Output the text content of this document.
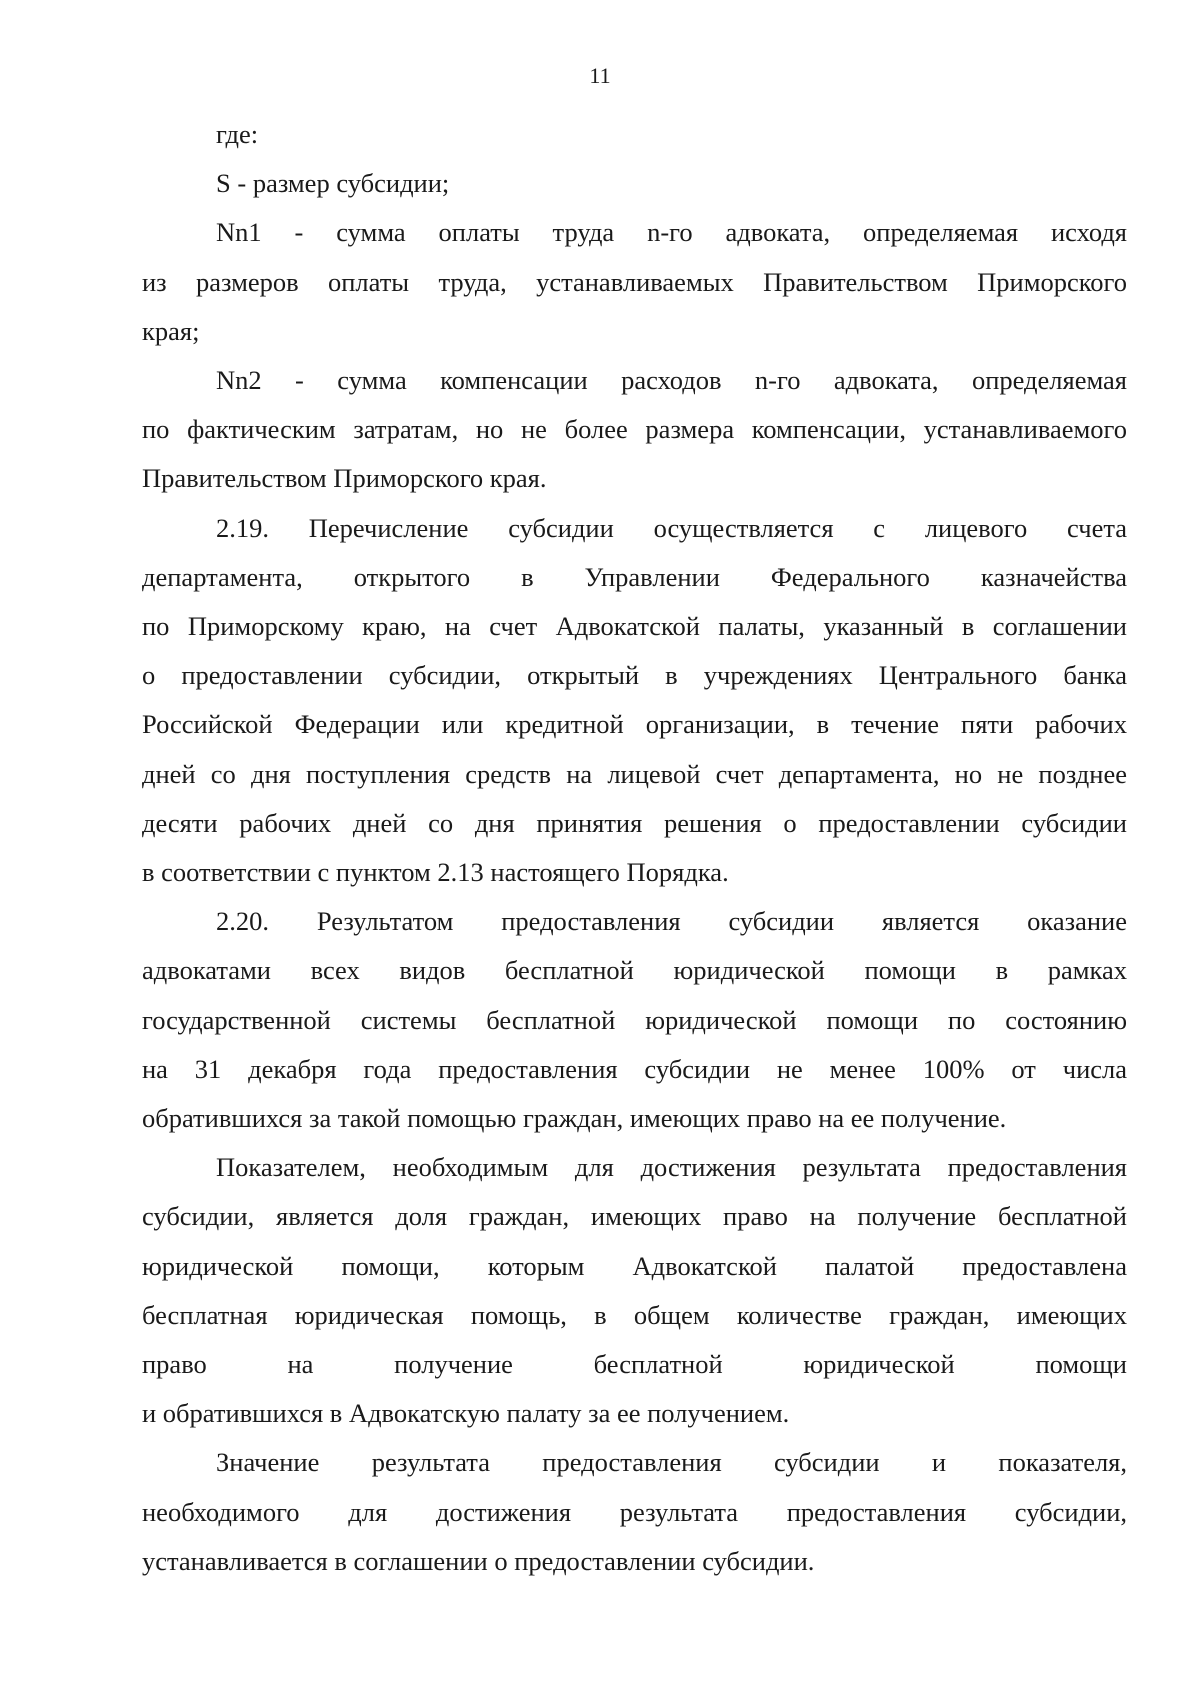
11

где:

S - размер субсидии;

Nn1 - сумма оплаты труда n-го адвоката, определяемая исходя

из размеров оплаты труда, устанавливаемых Правительством Приморского

края;

Nn2 - сумма компенсации расходов n-го адвоката, определяемая

по фактическим затратам, но не более размера компенсации, устанавливаемого

Правительством Приморского края.

2.19. Перечисление субсидии осуществляется с лицевого счета

департамента, открытого в Управлении Федерального казначейства

по Приморскому краю, на счет Адвокатской палаты, указанный в соглашении

о предоставлении субсидии, открытый в учреждениях Центрального банка

Российской Федерации или кредитной организации, в течение пяти рабочих

дней со дня поступления средств на лицевой счет департамента, но не позднее

десяти рабочих дней со дня принятия решения о предоставлении субсидии

в соответствии с пунктом 2.13 настоящего Порядка.

2.20. Результатом предоставления субсидии является оказание

адвокатами всех видов бесплатной юридической помощи в рамках

государственной системы бесплатной юридической помощи по состоянию

на 31 декабря года предоставления субсидии не менее 100% от числа

обратившихся за такой помощью граждан, имеющих право на ее получение.

Показателем, необходимым для достижения результата предоставления

субсидии, является доля граждан, имеющих право на получение бесплатной

юридической помощи, которым Адвокатской палатой предоставлена

бесплатная юридическая помощь, в общем количестве граждан, имеющих

право на получение бесплатной юридической помощи

и обратившихся в Адвокатскую палату за ее получением.

Значение результата предоставления субсидии и показателя,

необходимого для достижения результата предоставления субсидии,

устанавливается в соглашении о предоставлении субсидии.
